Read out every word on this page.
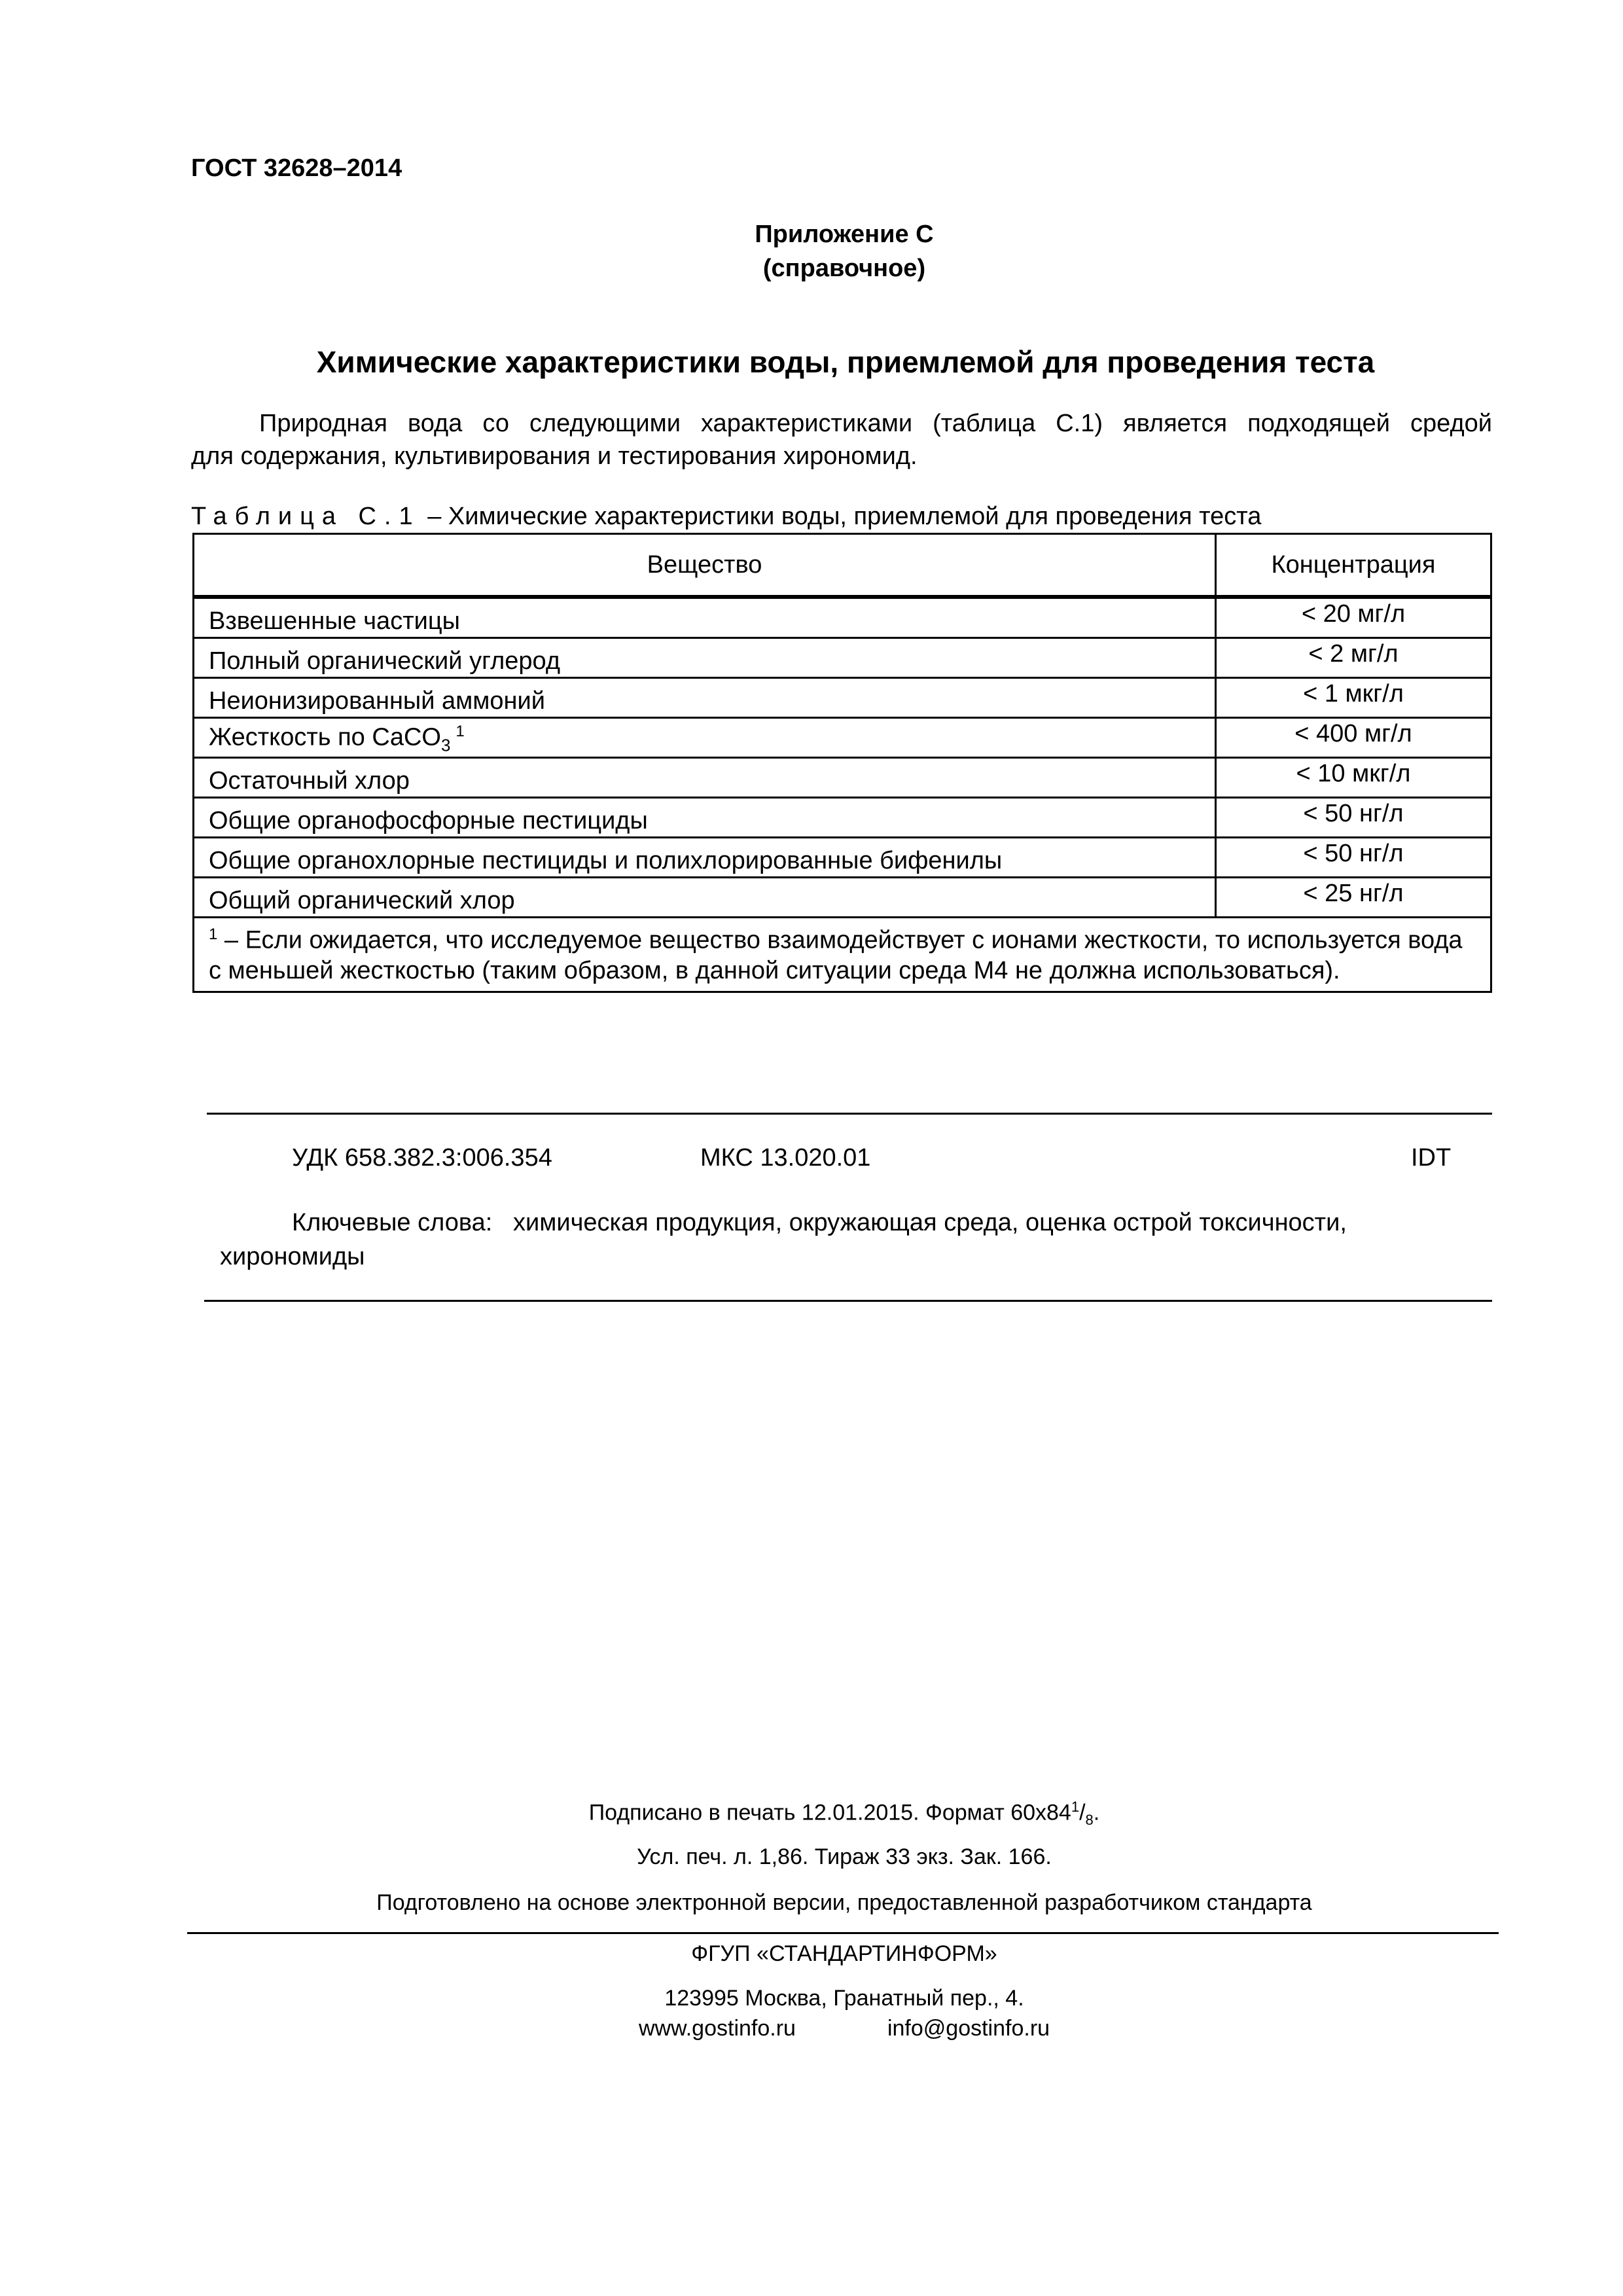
ГОСТ 32628–2014
Приложение С
(справочное)
Химические характеристики воды, приемлемой для проведения теста
Природная вода со следующими характеристиками (таблица С.1) является подходящей средой
для содержания, культивирования и тестирования хирономид.
Таблица С.1 – Химические характеристики воды, приемлемой для проведения теста
Вещество	Концентрация
Взвешенные частицы	< 20 мг/л
Полный органический углерод	< 2 мг/л
Неионизированный аммоний	< 1 мкг/л
Жесткость по CaCO$_3^1$	< 400 мг/л
Остаточный хлор	< 10 мкг/л
Общие органофосфорные пестициды	< 50 нг/л
Общие органохлорные пестициды и полихлорированные бифенилы	< 50 нг/л
Общий органический хлор	< 25 нг/л
$^1$ – Если ожидается, что исследуемое вещество взаимодействует с ионами жесткости, то используется вода с меньшей жесткостью (таким образом, в данной ситуации среда М4 не должна использоваться).	
УДК 658.382.3:006.354	МКС 13.020.01	IDT
Ключевые слова: химическая продукция, окружающая среда, оценка острой токсичности,
хирономиды
Подписано в печать 12.01.2015. Формат $60х84^1/_8$.
Усл. печ. л. 1,86. Тираж 33 экз. Зак. 166.
Подготовлено на основе электронной версии, предоставленной разработчиком стандарта
ФГУП «СТАНДАРТИНФОРМ»
123995 Москва, Гранатный пер., 4.
www.gostinfo.ru	info@gostinfo.ru
